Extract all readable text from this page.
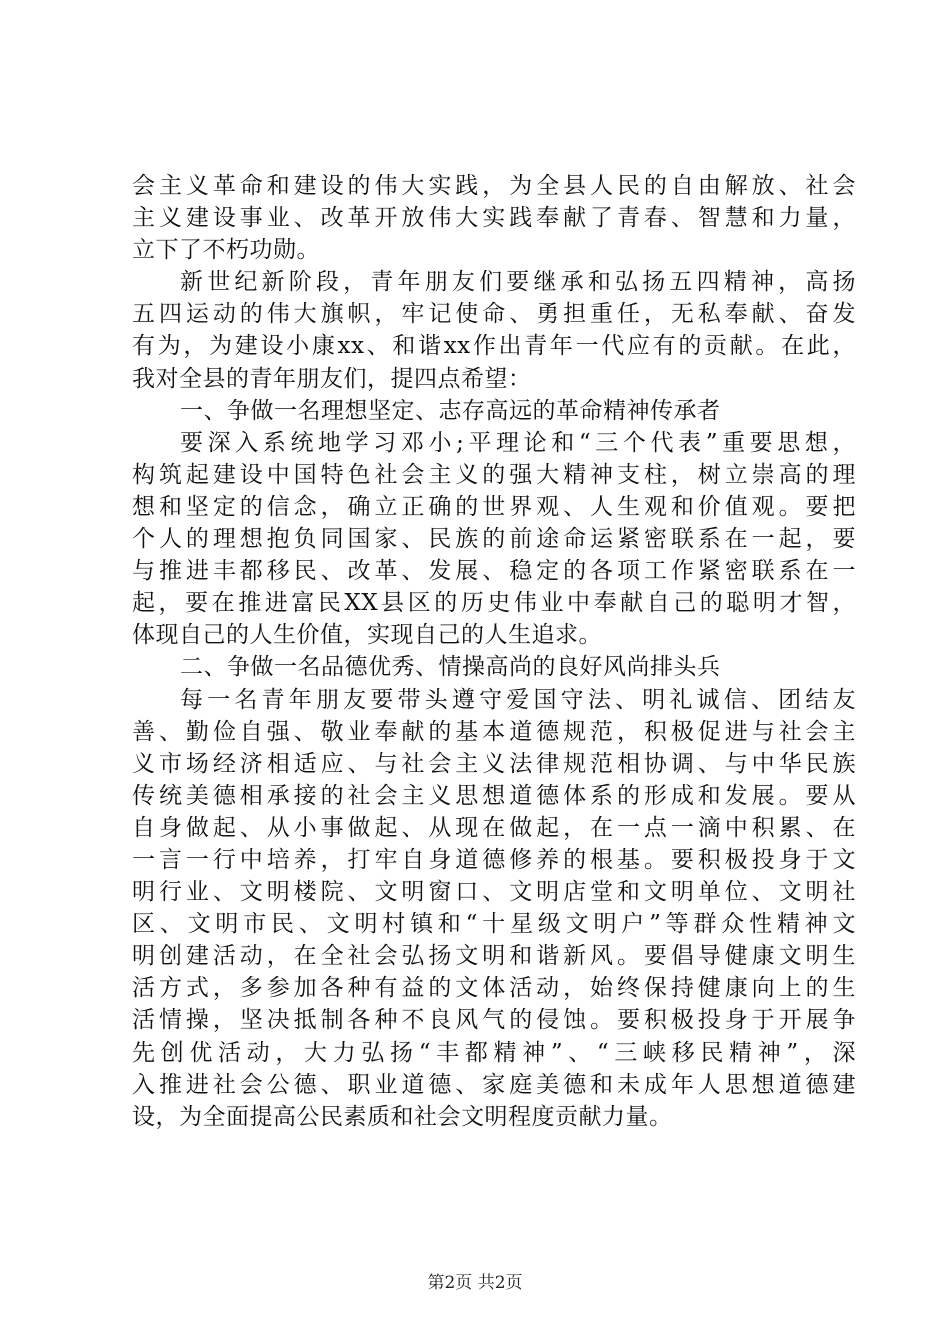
会主义革命和建设的伟大实践，为全县人民的自由解放、社会
主义建设事业、改革开放伟大实践奉献了青春、智慧和力量，
立下了不朽功勋。
新世纪新阶段，青年朋友们要继承和弘扬五四精神，高扬
五四运动的伟大旗帜，牢记使命、勇担重任，无私奉献、奋发
有为，为建设小康xx、和谐xx作出青年一代应有的贡献。在此，
我对全县的青年朋友们，提四点希望：
一、争做一名理想坚定、志存高远的革命精神传承者
要深入系统地学习邓小;平理论和“三个代表”重要思想，
构筑起建设中国特色社会主义的强大精神支柱，树立崇高的理
想和坚定的信念，确立正确的世界观、人生观和价值观。要把
个人的理想抱负同国家、民族的前途命运紧密联系在一起，要
与推进丰都移民、改革、发展、稳定的各项工作紧密联系在一
起，要在推进富民XX县区的历史伟业中奉献自己的聪明才智，
体现自己的人生价值，实现自己的人生追求。
二、争做一名品德优秀、情操高尚的良好风尚排头兵
每一名青年朋友要带头遵守爱国守法、明礼诚信、团结友
善、勤俭自强、敬业奉献的基本道德规范，积极促进与社会主
义市场经济相适应、与社会主义法律规范相协调、与中华民族
传统美德相承接的社会主义思想道德体系的形成和发展。要从
自身做起、从小事做起、从现在做起，在一点一滴中积累、在
一言一行中培养，打牢自身道德修养的根基。要积极投身于文
明行业、文明楼院、文明窗口、文明店堂和文明单位、文明社
区、文明市民、文明村镇和“十星级文明户”等群众性精神文
明创建活动，在全社会弘扬文明和谐新风。要倡导健康文明生
活方式，多参加各种有益的文体活动，始终保持健康向上的生
活情操，坚决抵制各种不良风气的侵蚀。要积极投身于开展争
先创优活动，大力弘扬“丰都精神”、“三峡移民精神”，深
入推进社会公德、职业道德、家庭美德和未成年人思想道德建
设，为全面提高公民素质和社会文明程度贡献力量。
第2页 共2页
